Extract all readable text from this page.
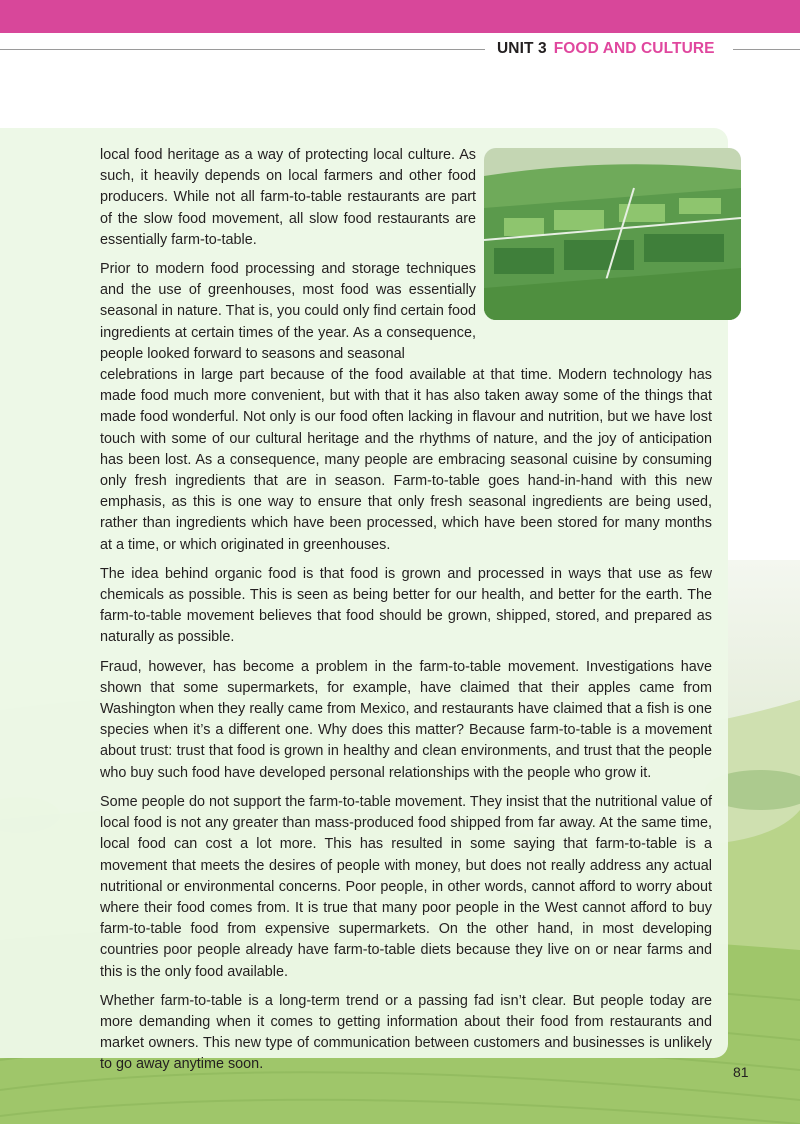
UNIT 3 FOOD AND CULTURE

local food heritage as a way of protecting local culture. As such, it heavily depends on local farmers and other food producers. While not all farm-to-table restaurants are part of the slow food movement, all slow food restaurants are essentially farm-to-table.

Prior to modern food processing and storage techniques and the use of greenhouses, most food was essentially seasonal in nature. That is, you could only find certain food ingredients at certain times of the year. As a consequence, people looked forward to seasons and seasonal
celebrations in large part because of the food available at that time. Modern technology has made food much more convenient, but with that it has also taken away some of the things that made food wonderful. Not only is our food often lacking in flavour and nutrition, but we have lost touch with some of our cultural heritage and the rhythms of nature, and the joy of anticipation has been lost. As a consequence, many people are embracing seasonal cuisine by consuming only fresh ingredients that are in season. Farm-to-table goes hand-in-hand with this new emphasis, as this is one way to ensure that only fresh seasonal ingredients are being used, rather than ingredients which have been processed, which have been stored for many months at a time, or which originated in greenhouses.

The idea behind organic food is that food is grown and processed in ways that use as few chemicals as possible. This is seen as being better for our health, and better for the earth. The farm-to-table movement believes that food should be grown, shipped, stored, and prepared as naturally as possible.

Fraud, however, has become a problem in the farm-to-table movement. Investigations have shown that some supermarkets, for example, have claimed that their apples came from Washington when they really came from Mexico, and restaurants have claimed that a fish is one species when it’s a different one. Why does this matter? Because farm-to-table is a movement about trust: trust that food is grown in healthy and clean environments, and trust that the people who buy such food have developed personal relationships with the people who grow it.

Some people do not support the farm-to-table movement. They insist that the nutritional value of local food is not any greater than mass-produced food shipped from far away. At the same time, local food can cost a lot more. This has resulted in some saying that farm-to-table is a movement that meets the desires of people with money, but does not really address any actual nutritional or environmental concerns. Poor people, in other words, cannot afford to worry about where their food comes from. It is true that many poor people in the West cannot afford to buy farm-to-table food from expensive supermarkets. On the other hand, in most developing countries poor people already have farm-to-table diets because they live on or near farms and this is the only food available.

Whether farm-to-table is a long-term trend or a passing fad isn’t clear. But people today are more demanding when it comes to getting information about their food from restaurants and market owners. This new type of communication between customers and businesses is unlikely to go away anytime soon.	81
